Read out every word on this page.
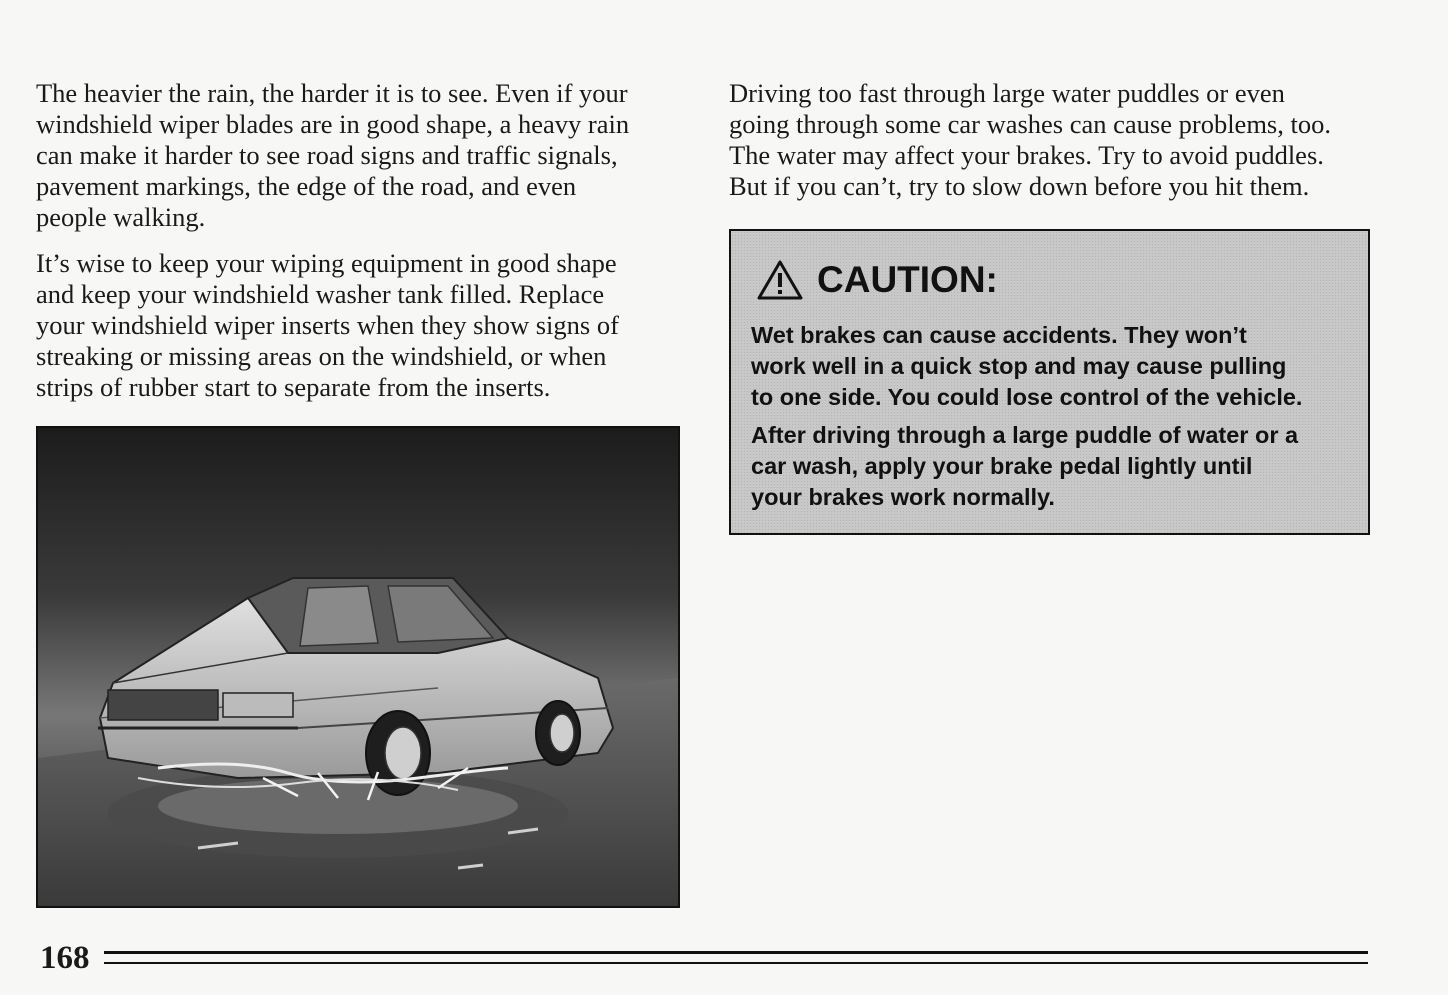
The heavier the rain, the harder it is to see. Even if your
windshield wiper blades are in good shape, a heavy rain
can make it harder to see road signs and traffic signals,
pavement markings, the edge of the road, and even
people walking.

It’s wise to keep your wiping equipment in good shape
and keep your windshield washer tank filled. Replace
your windshield wiper inserts when they show signs of
streaking or missing areas on the windshield, or when
strips of rubber start to separate from the inserts.

Driving too fast through large water puddles or even
going through some car washes can cause problems, too.
The water may affect your brakes. Try to avoid puddles.
But if you can’t, try to slow down before you hit them.

CAUTION:
Wet brakes can cause accidents. They won’t
work well in a quick stop and may cause pulling
to one side. You could lose control of the vehicle.
After driving through a large puddle of water or a
car wash, apply your brake pedal lightly until
your brakes work normally.
168
